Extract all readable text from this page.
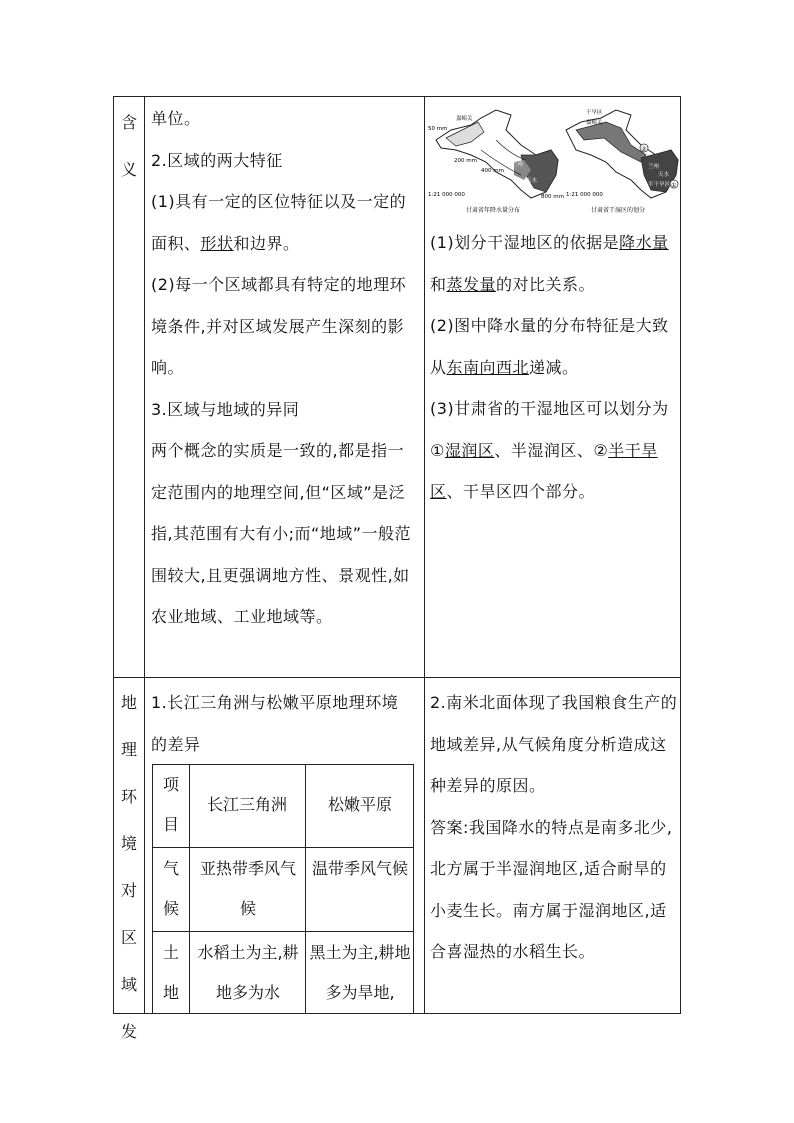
含
义
地
理
环
境
对
区
域
发

单位。

2.区域的两大特征

(1)具有一定的区位特征以及一定的面积、形状和边界。

(2)每一个区域都具有特定的地理环境条件,并对区域发展产生深刻的影响。

3.区域与地域的异同

两个概念的实质是一致的,都是指一定范围内的地理空间,但“区域”是泛指,其范围有大有小;而“地域”一般范围较大,且更强调地方性、景观性,如农业地域、工业地域等。

50 mm
嘉峪关
200 mm
兰州
400 mm
天水
800 mm
1:21 000 000
甘肃省年降水量分布
干旱区
嘉峪关
兰州
天水
半干旱区
1:21 000 000
甘肃省干湿区的划分
②
①

(1)划分干湿地区的依据是降水量和蒸发量的对比关系。

(2)图中降水量的分布特征是大致从东南向西北递减。

(3)甘肃省的干湿地区可以划分为①湿润区、半湿润区、②半干旱区、干旱区四个部分。

1.长江三角洲与松嫩平原地理环境的差异

项
目
长江三角洲	松嫩平原
气
候
亚热带季风气候
温带季风气候
土
地
水稻土为主,耕地多为水
黑土为主,耕地多为旱地,

2.南米北面体现了我国粮食生产的地域差异,从气候角度分析造成这种差异的原因。

答案:我国降水的特点是南多北少,北方属于半湿润地区,适合耐旱的小麦生长。南方属于湿润地区,适合喜湿热的水稻生长。
